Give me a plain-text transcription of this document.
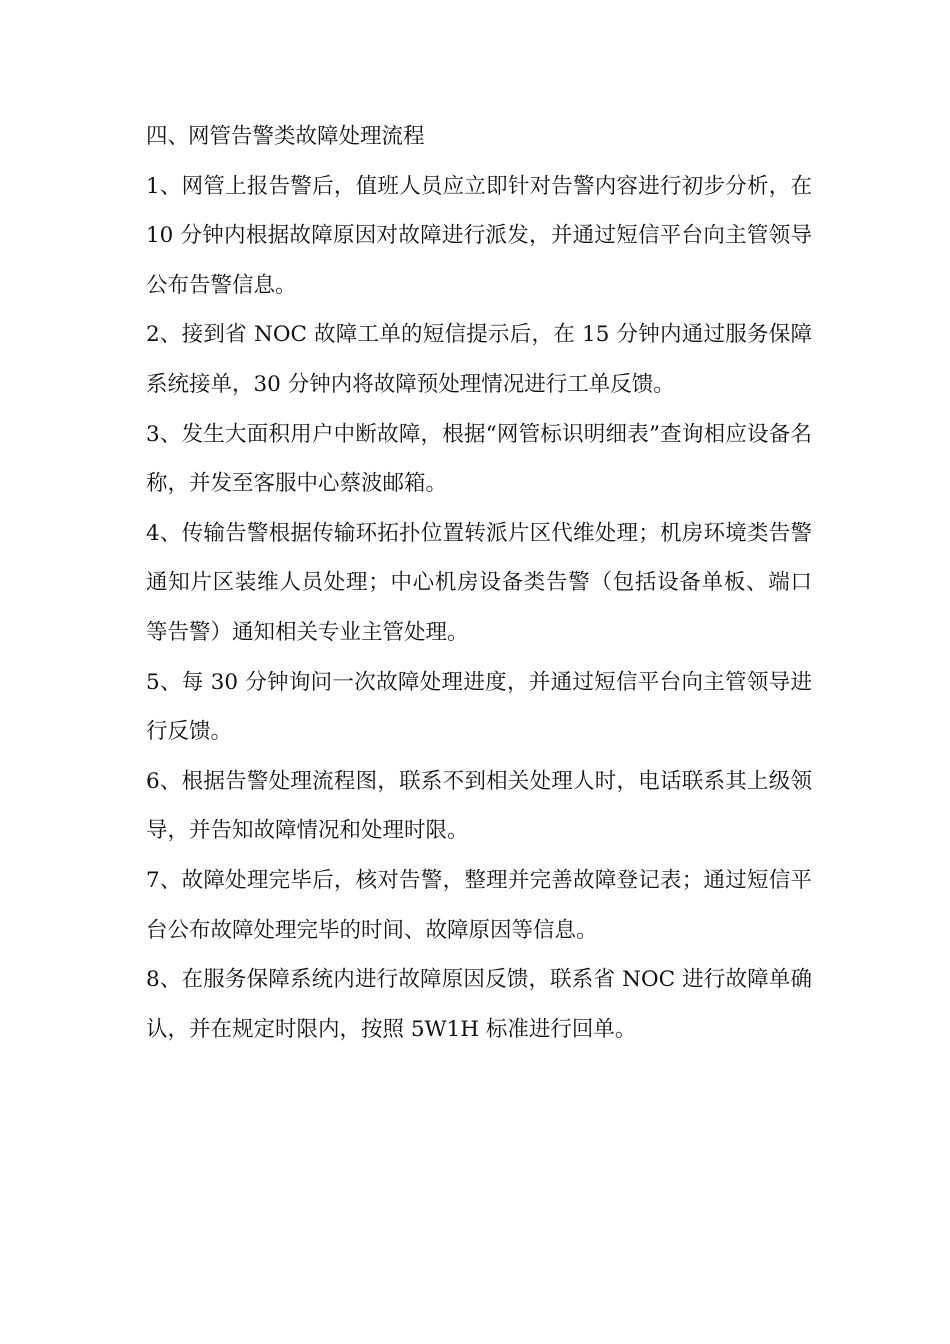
四、网管告警类故障处理流程

1、网管上报告警后，值班人员应立即针对告警内容进行初步分析，在 10 分钟内根据故障原因对故障进行派发，并通过短信平台向主管领导公布告警信息。

2、接到省 NOC 故障工单的短信提示后，在 15 分钟内通过服务保障系统接单，30 分钟内将故障预处理情况进行工单反馈。

3、发生大面积用户中断故障，根据“网管标识明细表”查询相应设备名称，并发至客服中心蔡波邮箱。

4、传输告警根据传输环拓扑位置转派片区代维处理；机房环境类告警通知片区装维人员处理；中心机房设备类告警（包括设备单板、端口等告警）通知相关专业主管处理。

5、每 30 分钟询问一次故障处理进度，并通过短信平台向主管领导进行反馈。

6、根据告警处理流程图，联系不到相关处理人时，电话联系其上级领导，并告知故障情况和处理时限。

7、故障处理完毕后，核对告警，整理并完善故障登记表；通过短信平台公布故障处理完毕的时间、故障原因等信息。

8、在服务保障系统内进行故障原因反馈，联系省 NOC 进行故障单确认，并在规定时限内，按照 5W1H 标准进行回单。
